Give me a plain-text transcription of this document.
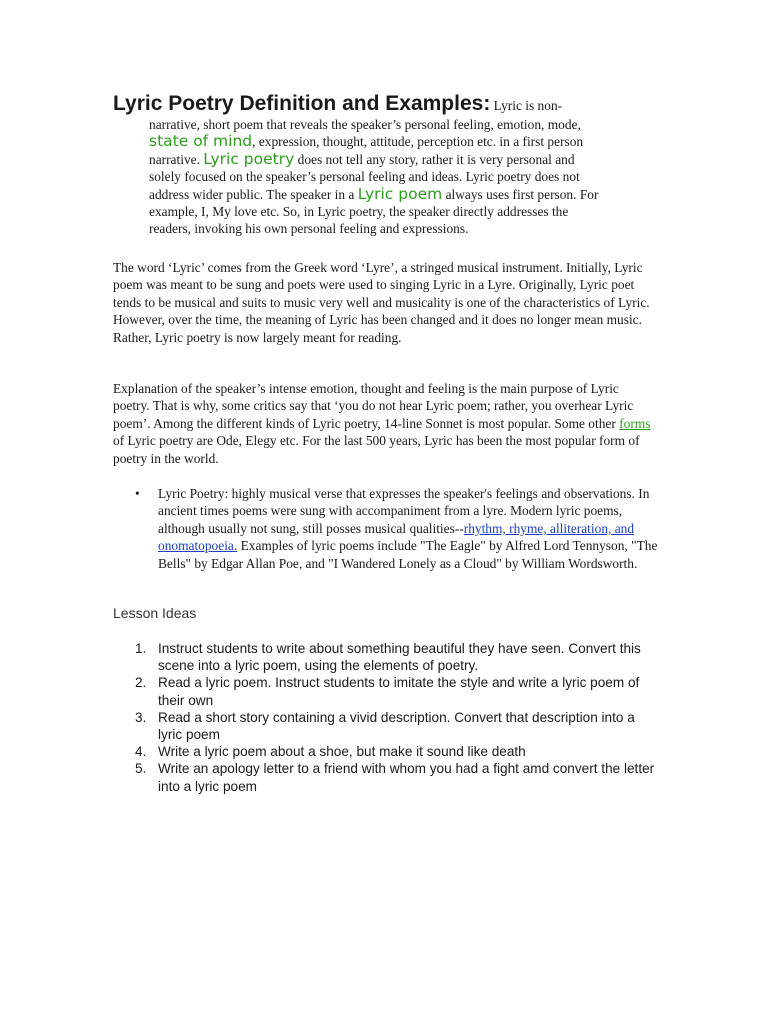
Lyric Poetry Definition and Examples: Lyric is non-
narrative, short poem that reveals the speaker’s personal feeling, emotion, mode,
state of mind, expression, thought, attitude, perception etc. in a first person
narrative. Lyric poetry does not tell any story, rather it is very personal and
solely focused on the speaker’s personal feeling and ideas. Lyric poetry does not
address wider public. The speaker in a Lyric poem always uses first person. For
example, I, My love etc. So, in Lyric poetry, the speaker directly addresses the
readers, invoking his own personal feeling and expressions.

The word ‘Lyric’ comes from the Greek word ‘Lyre’, a stringed musical instrument. Initially, Lyric poem was meant to be sung and poets were used to singing Lyric in a Lyre. Originally, Lyric poet tends to be musical and suits to music very well and musicality is one of the characteristics of Lyric. However, over the time, the meaning of Lyric has been changed and it does no longer mean music. Rather, Lyric poetry is now largely meant for reading.

Explanation of the speaker’s intense emotion, thought and feeling is the main purpose of Lyric poetry. That is why, some critics say that ‘you do not hear Lyric poem; rather, you overhear Lyric poem’. Among the different kinds of Lyric poetry, 14-line Sonnet is most popular. Some other forms of Lyric poetry are Ode, Elegy etc. For the last 500 years, Lyric has been the most popular form of poetry in the world.

• Lyric Poetry: highly musical verse that expresses the speaker's feelings and observations. In ancient times poems were sung with accompaniment from a lyre. Modern lyric poems, although usually not sung, still posses musical qualities--rhythm, rhyme, alliteration, and onomatopoeia. Examples of lyric poems include "The Eagle" by Alfred Lord Tennyson, "The Bells" by Edgar Allan Poe, and "I Wandered Lonely as a Cloud" by William Wordsworth.

Lesson Ideas

1. Instruct students to write about something beautiful they have seen. Convert this scene into a lyric poem, using the elements of poetry.
2. Read a lyric poem. Instruct students to imitate the style and write a lyric poem of their own
3. Read a short story containing a vivid description. Convert that description into a lyric poem
4. Write a lyric poem about a shoe, but make it sound like death
5. Write an apology letter to a friend with whom you had a fight amd convert the letter into a lyric poem
